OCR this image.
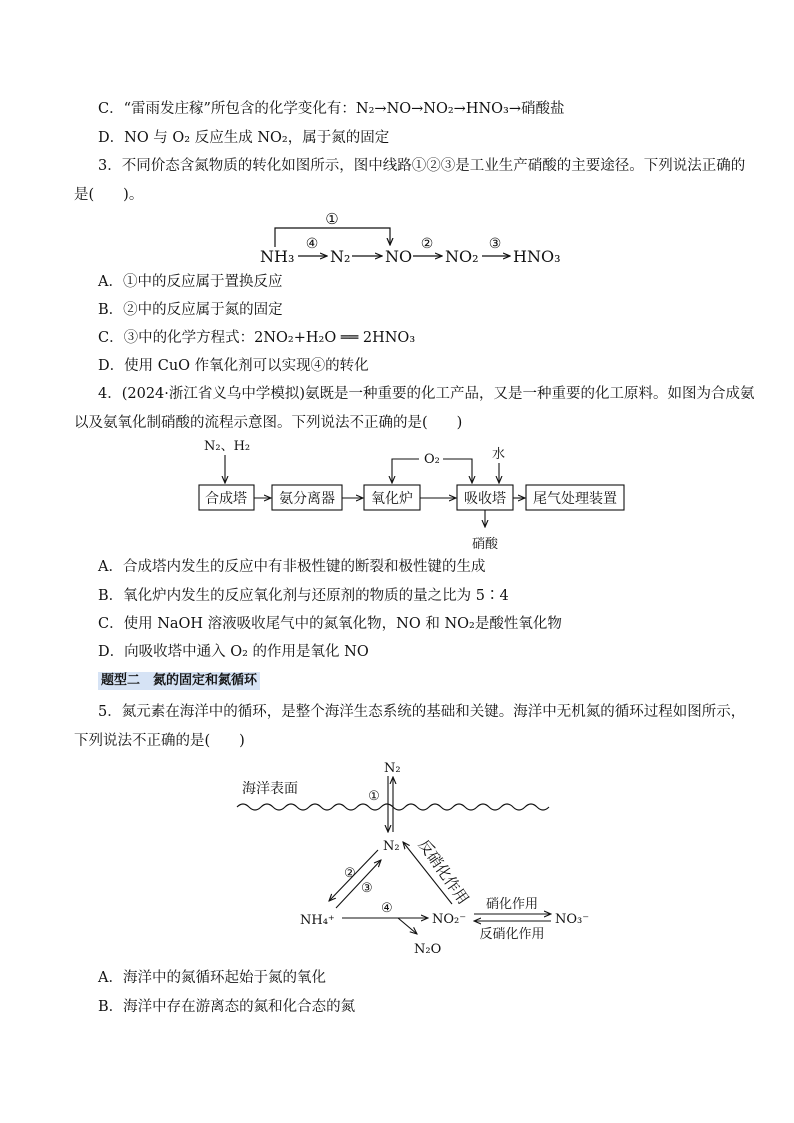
C．“雷雨发庄稼”所包含的化学变化有：N₂→NO→NO₂→HNO₃→硝酸盐
D．NO 与 O₂ 反应生成 NO₂，属于氮的固定
3．不同价态含氮物质的转化如图所示，图中线路①②③是工业生产硝酸的主要途径。下列说法正确的
是(　　)。
①
NH₃ N₂ NO NO₂ HNO₃
④	②	③
A．①中的反应属于置换反应
B．②中的反应属于氮的固定
C．③中的化学方程式：2NO₂+H₂O ══ 2HNO₃
D．使用 CuO 作氧化剂可以实现④的转化
4．(2024·浙江省义乌中学模拟)氨既是一种重要的化工产品，又是一种重要的化工原料。如图为合成氨
以及氨氧化制硝酸的流程示意图。下列说法不正确的是(　　)
N₂、H₂
合成塔 氨分离器	氧化炉	吸收塔 尾气处理装置
O₂	水
硝酸
A．合成塔内发生的反应中有非极性键的断裂和极性键的生成
B．氧化炉内发生的反应氧化剂与还原剂的物质的量之比为 5∶4
C．使用 NaOH 溶液吸收尾气中的氮氧化物，NO 和 NO₂是酸性氧化物
D．向吸收塔中通入 O₂ 的作用是氧化 NO
题型二　氮的固定和氮循环
5．氮元素在海洋中的循环，是整个海洋生态系统的基础和关键。海洋中无机氮的循环过程如图所示，
下列说法不正确的是(　　)
海洋表面
N₂
①
N₂ 反硝化作用
②
③
NH₄⁺
④
N₂O
NO₂⁻
硝化作用
反硝化作用
NO₃⁻
A．海洋中的氮循环起始于氮的氧化
B．海洋中存在游离态的氮和化合态的氮
